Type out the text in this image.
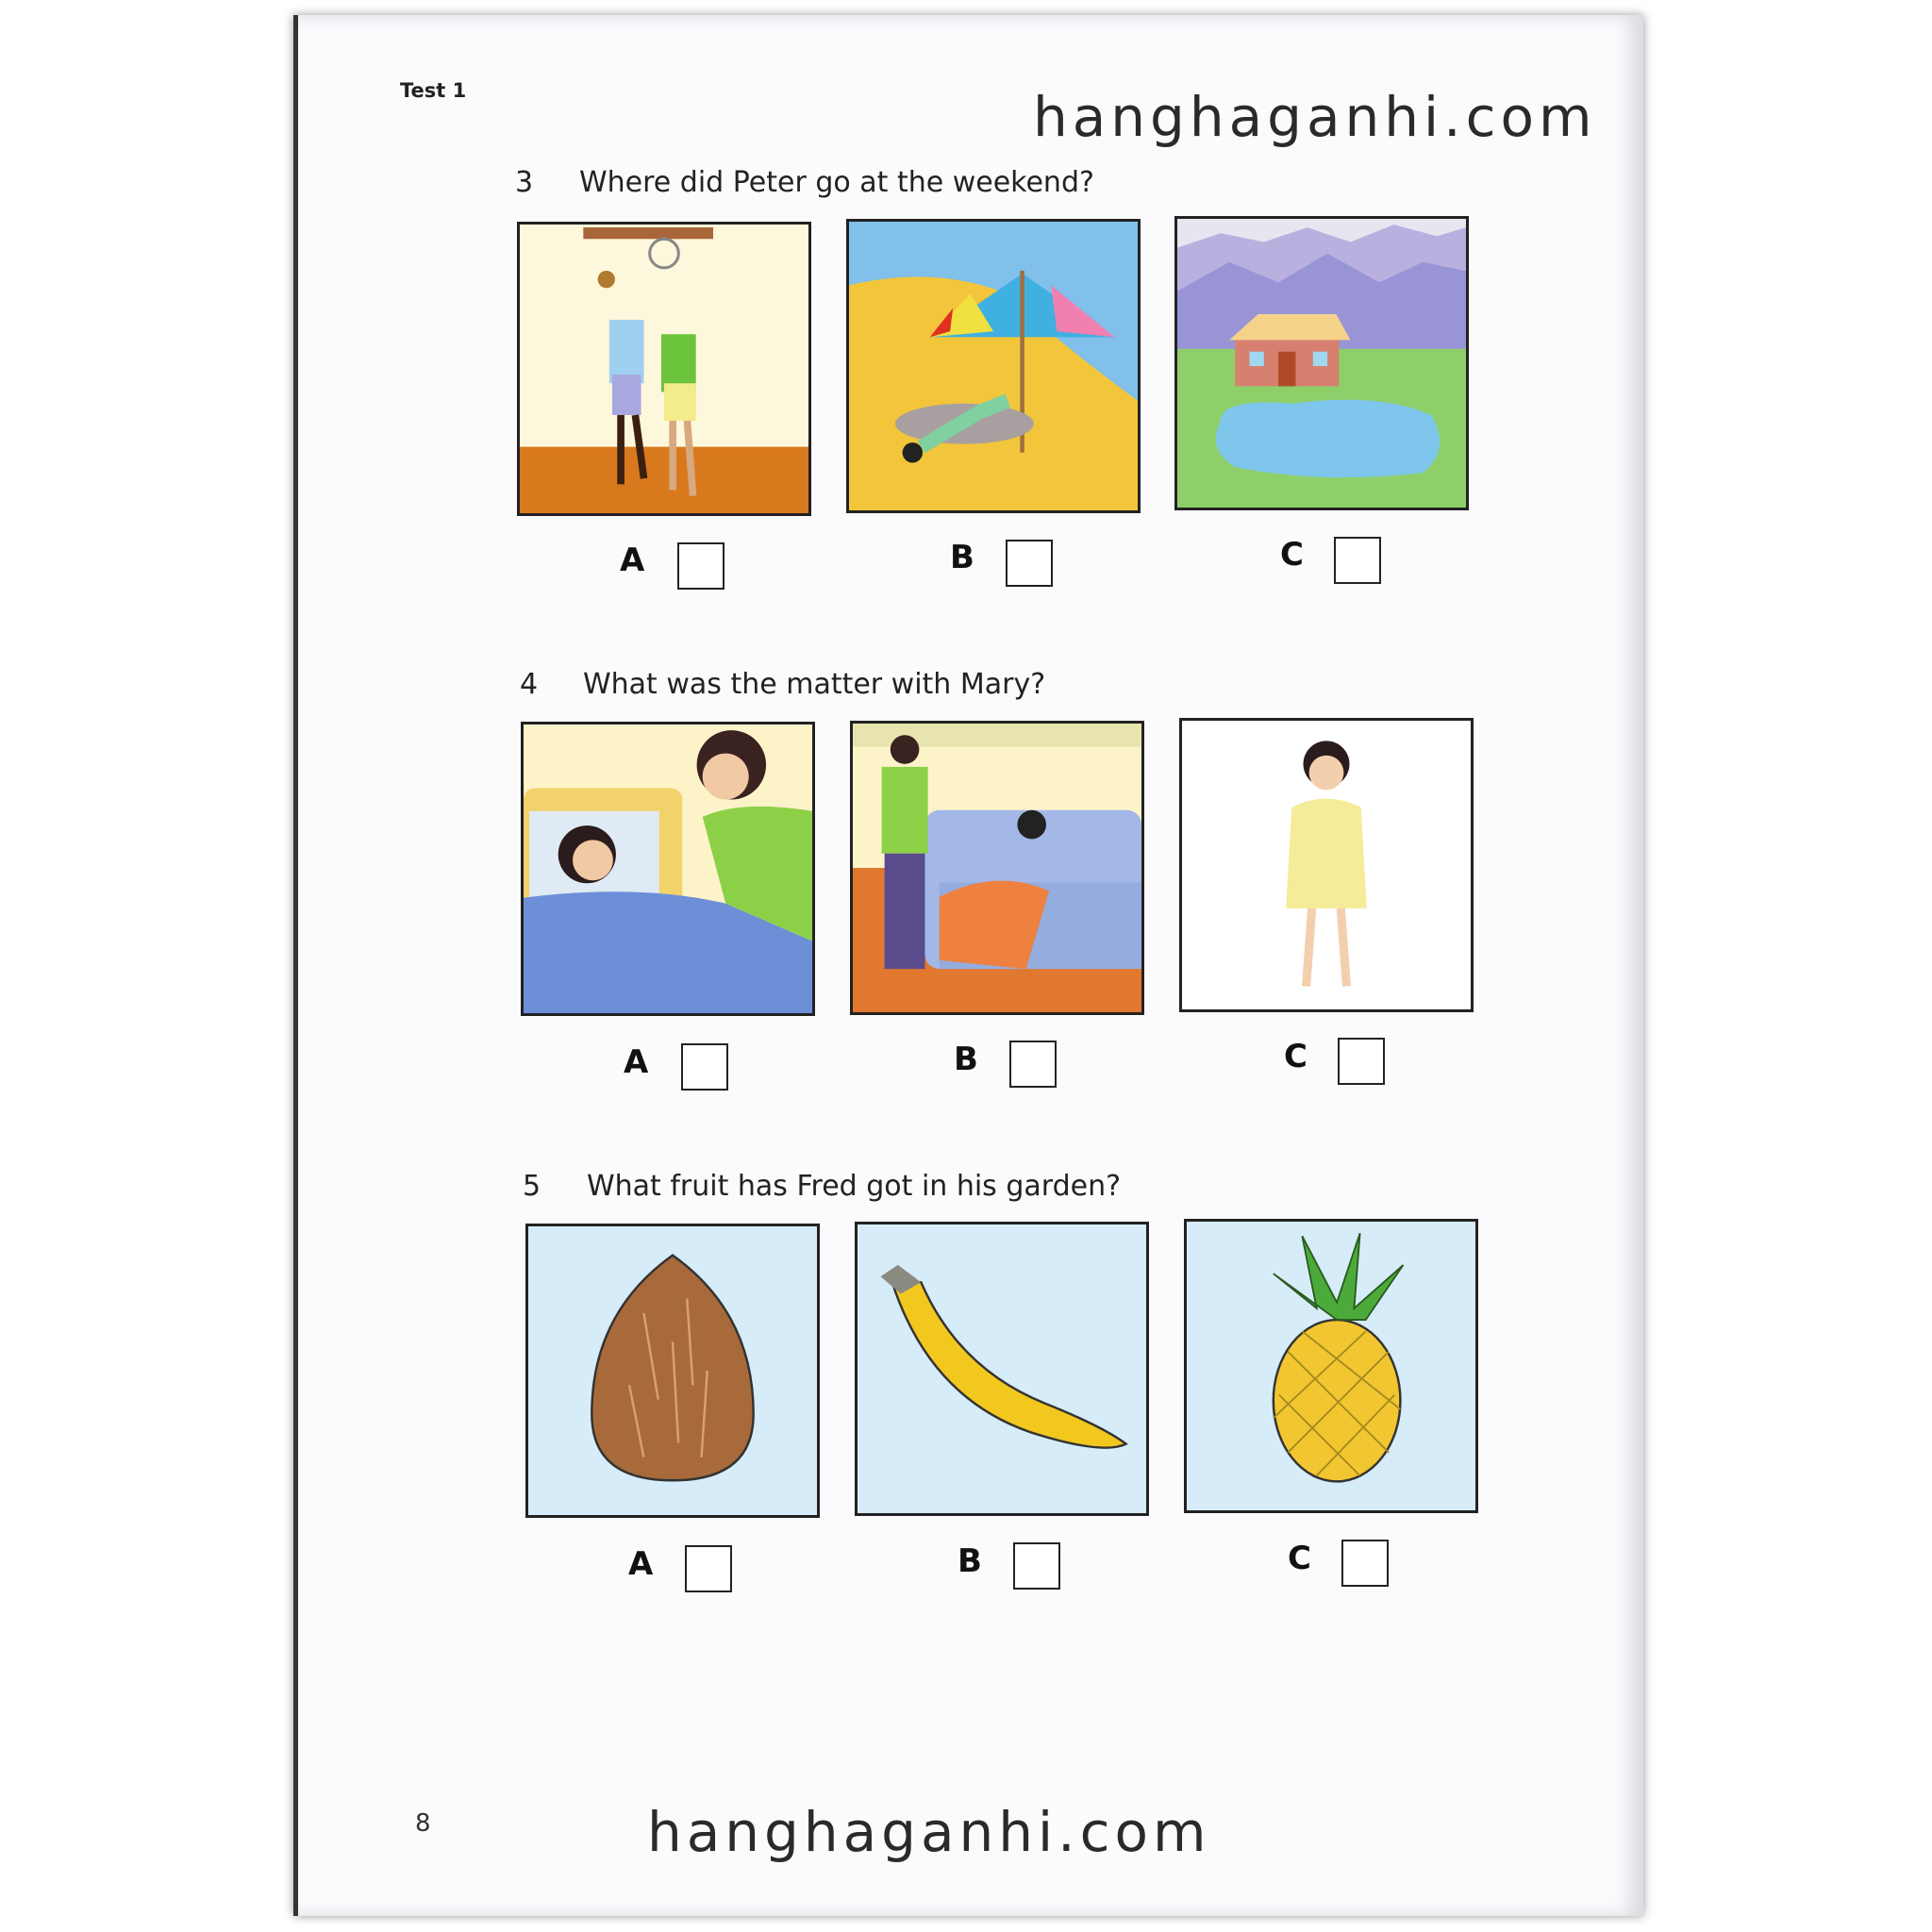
Test 1	hanghaganhi.com
3 Where did Peter go at the weekend?
A	B	C
4 What was the matter with Mary?
A	B	C
5 What fruit has Fred got in his garden?
A	B	C
8	hanghaganhi.com
